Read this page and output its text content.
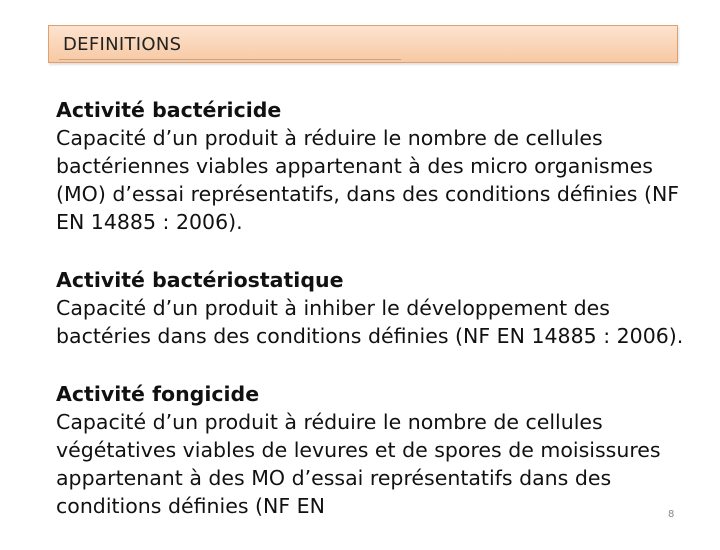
DEFINITIONS
Activité bactéricide
Capacité d’un produit à réduire le nombre de cellules bactériennes viables appartenant à des micro organismes (MO) d’essai représentatifs, dans des conditions définies (NF EN 14885 : 2006).
Activité bactériostatique
Capacité d’un produit à inhiber le développement des bactéries dans des conditions définies (NF EN 14885 : 2006).
Activité fongicide
Capacité d’un produit à réduire le nombre de cellules végétatives viables de levures et de spores de moisissures appartenant à des MO d’essai représentatifs dans des conditions définies (NF EN	8
